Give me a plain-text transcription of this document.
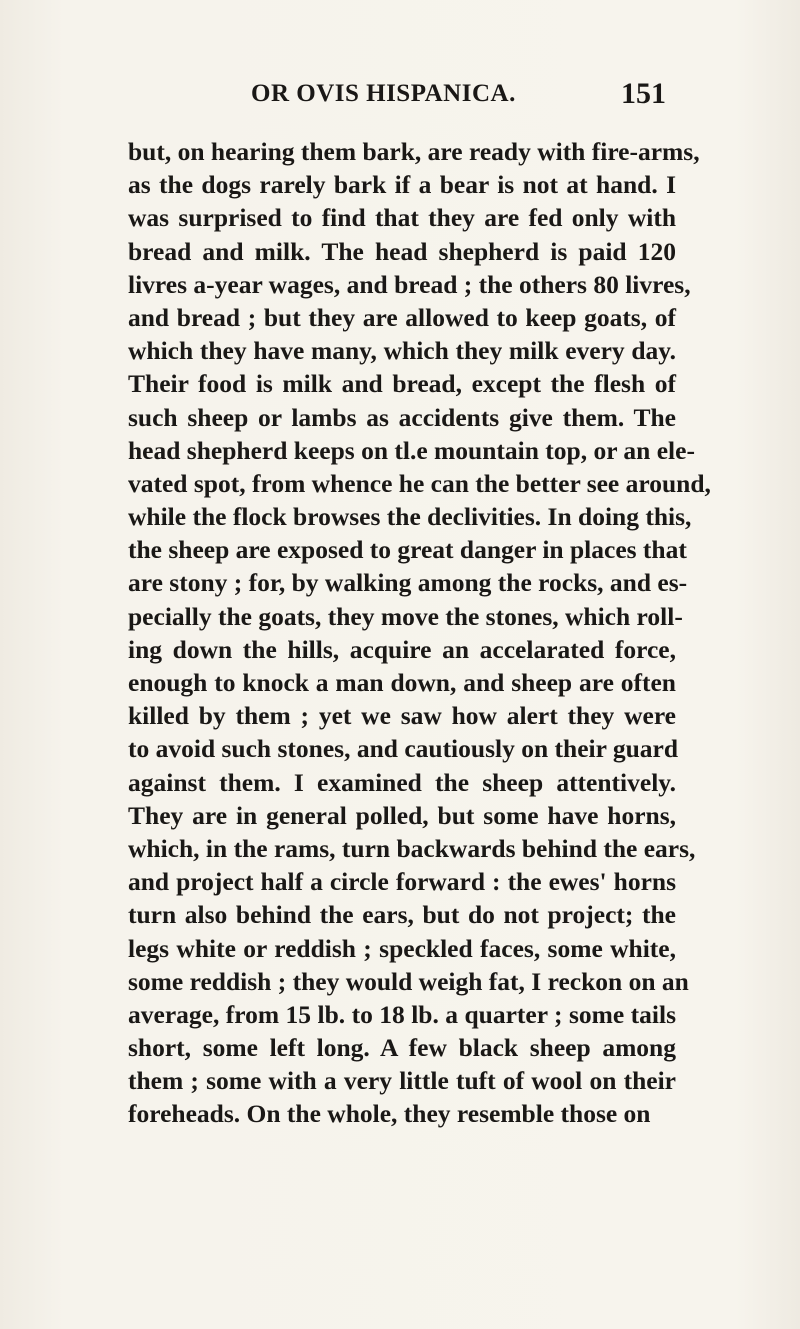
OR OVIS HISPANICA.	151
but, on hearing them bark, are ready with fire-arms,
as the dogs rarely bark if a bear is not at hand. I
was surprised to find that they are fed only with
bread and milk. The head shepherd is paid 120
livres a-year wages, and bread ; the others 80 livres,
and bread ; but they are allowed to keep goats, of
which they have many, which they milk every day.
Their food is milk and bread, except the flesh of
such sheep or lambs as accidents give them. The
head shepherd keeps on tl.e mountain top, or an ele-
vated spot, from whence he can the better see around,
while the flock browses the declivities. In doing this,
the sheep are exposed to great danger in places that
are stony ; for, by walking among the rocks, and es-
pecially the goats, they move the stones, which roll-
ing down the hills, acquire an accelarated force,
enough to knock a man down, and sheep are often
killed by them ; yet we saw how alert they were
to avoid such stones, and cautiously on their guard
against them. I examined the sheep attentively.
They are in general polled, but some have horns,
which, in the rams, turn backwards behind the ears,
and project half a circle forward : the ewes' horns
turn also behind the ears, but do not project; the
legs white or reddish ; speckled faces, some white,
some reddish ; they would weigh fat, I reckon on an
average, from 15 lb. to 18 lb. a quarter ; some tails
short, some left long. A few black sheep among
them ; some with a very little tuft of wool on their
foreheads. On the whole, they resemble those on
